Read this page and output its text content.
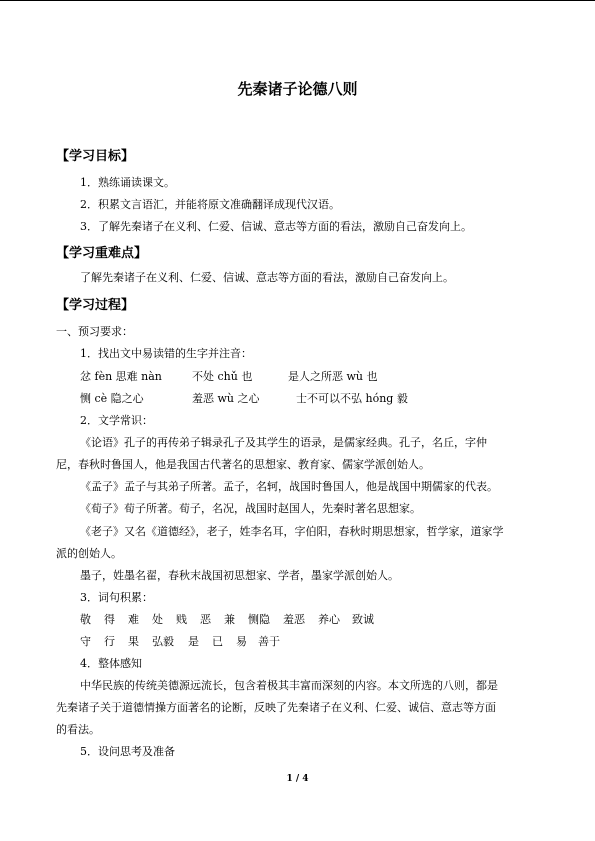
先秦诸子论德八则
【学习目标】
1．熟练诵读课文。
2．积累文言语汇，并能将原文准确翻译成现代汉语。
3．了解先秦诸子在义利、仁爱、信诚、意志等方面的看法，激励自己奋发向上。
【学习重难点】
了解先秦诸子在义利、仁爱、信诚、意志等方面的看法，激励自己奋发向上。
【学习过程】
一、预习要求：
1．找出文中易读错的生字并注音：
忿 fèn 思难 nàn	不处 chǔ 也	是人之所恶 wù 也
恻 cè 隐之心	羞恶 wù 之心	士不可以不弘 hóng 毅
2．文学常识：
《论语》孔子的再传弟子辑录孔子及其学生的语录，是儒家经典。孔子，名丘，字仲
尼，春秋时鲁国人，他是我国古代著名的思想家、教育家、儒家学派创始人。
《孟子》孟子与其弟子所著。孟子，名轲，战国时鲁国人，他是战国中期儒家的代表。
《荀子》荀子所著。荀子，名况，战国时赵国人，先秦时著名思想家。
《老子》又名《道德经》，老子，姓李名耳，字伯阳，春秋时期思想家，哲学家，道家学
派的创始人。
墨子，姓墨名翟，春秋末战国初思想家、学者，墨家学派创始人。
3．词句积累：
敬 得 难 处 贱 恶 兼 恻隐 羞恶 养心 致诚
守 行 果 弘毅 是 已 易 善于
4．整体感知
中华民族的传统美德源远流长，包含着极其丰富而深刻的内容。本文所选的八则，都是
先秦诸子关于道德情操方面著名的论断，反映了先秦诸子在义利、仁爱、诚信、意志等方面
的看法。
5．设问思考及准备
1 / 4
